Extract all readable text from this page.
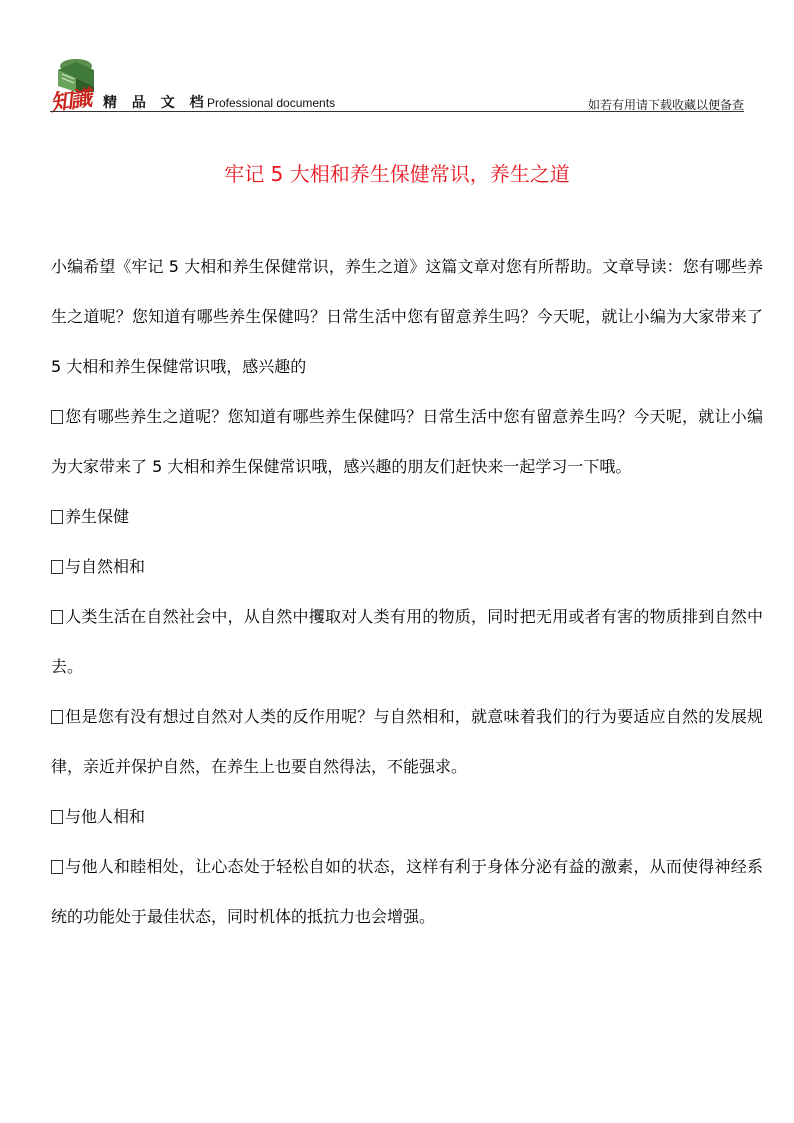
知識 精 品 文 档
Professional documents	如若有用请下载收藏以便备查
牢记 5 大相和养生保健常识，养生之道

小编希望《牢记 5 大相和养生保健常识，养生之道》这篇文章对您有所帮助。文章导读：您有哪些养生之道呢？您知道有哪些养生保健吗？日常生活中您有留意养生吗？今天呢，就让小编为大家带来了 5 大相和养生保健常识哦，感兴趣的

您有哪些养生之道呢？您知道有哪些养生保健吗？日常生活中您有留意养生吗？今天呢，就让小编为大家带来了 5 大相和养生保健常识哦，感兴趣的朋友们赶快来一起学习一下哦。

养生保健

与自然相和

人类生活在自然社会中，从自然中攫取对人类有用的物质，同时把无用或者有害的物质排到自然中去。

但是您有没有想过自然对人类的反作用呢？与自然相和，就意味着我们的行为要适应自然的发展规律，亲近并保护自然，在养生上也要自然得法，不能强求。

与他人相和

与他人和睦相处，让心态处于轻松自如的状态，这样有利于身体分泌有益的激素，从而使得神经系统的功能处于最佳状态，同时机体的抵抗力也会增强。
